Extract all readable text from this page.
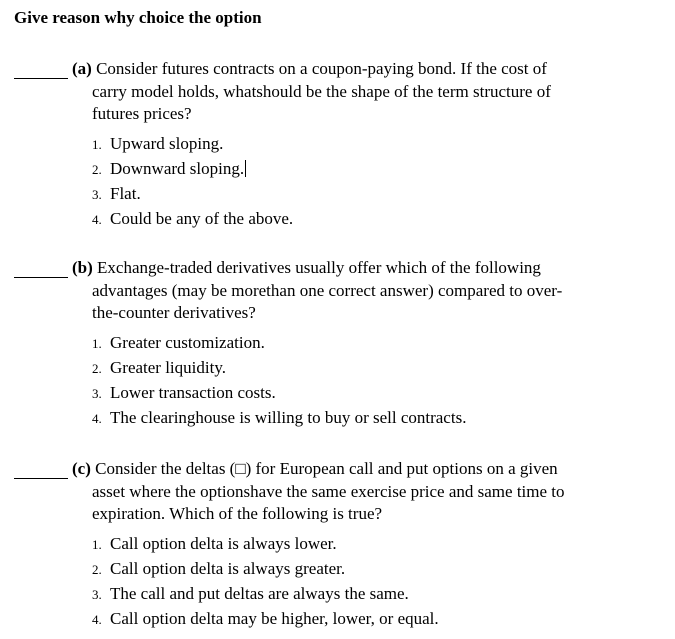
Give reason why choice the option
(a) Consider futures contracts on a coupon-paying bond. If the cost of
carry model holds, whatshould be the shape of the term structure of
futures prices?
1. Upward sloping.
2. Downward sloping.
3. Flat.
4. Could be any of the above.
(b) Exchange-traded derivatives usually offer which of the following
advantages (may be morethan one correct answer) compared to over-
the-counter derivatives?
1. Greater customization.
2. Greater liquidity.
3. Lower transaction costs.
4. The clearinghouse is willing to buy or sell contracts.
(c) Consider the deltas (□) for European call and put options on a given
asset where the optionshave the same exercise price and same time to
expiration. Which of the following is true?
1. Call option delta is always lower.
2. Call option delta is always greater.
3. The call and put deltas are always the same.
4. Call option delta may be higher, lower, or equal.
